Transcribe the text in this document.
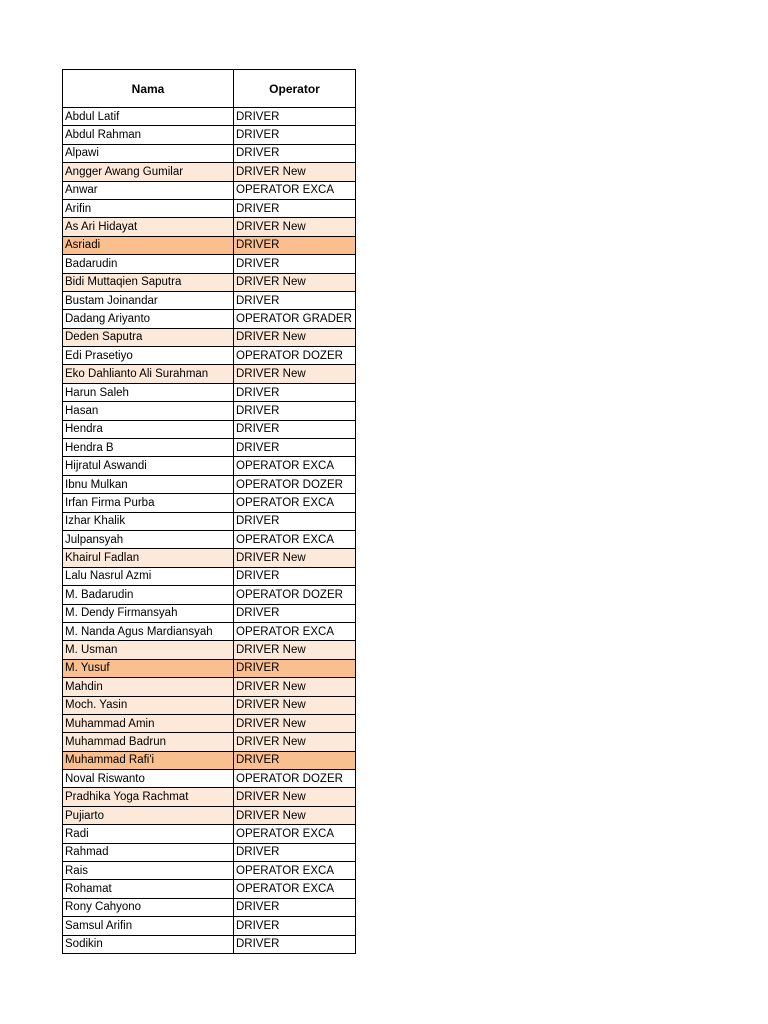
Nama	Operator
Abdul Latif	DRIVER
Abdul Rahman	DRIVER
Alpawi	DRIVER
Angger Awang Gumilar	DRIVER New
Anwar	OPERATOR EXCA
Arifin	DRIVER
As Ari Hidayat	DRIVER New
Asriadi	DRIVER
Badarudin	DRIVER
Bidi Muttaqien Saputra	DRIVER New
Bustam Joinandar	DRIVER
Dadang Ariyanto	OPERATOR GRADER
Deden Saputra	DRIVER New
Edi Prasetiyo	OPERATOR DOZER
Eko Dahlianto Ali Surahman	DRIVER New
Harun Saleh	DRIVER
Hasan	DRIVER
Hendra	DRIVER
Hendra B	DRIVER
Hijratul Aswandi	OPERATOR EXCA
Ibnu Mulkan	OPERATOR DOZER
Irfan Firma Purba	OPERATOR EXCA
Izhar Khalik	DRIVER
Julpansyah	OPERATOR EXCA
Khairul Fadlan	DRIVER New
Lalu Nasrul Azmi	DRIVER
M. Badarudin	OPERATOR DOZER
M. Dendy Firmansyah	DRIVER
M. Nanda Agus Mardiansyah	OPERATOR EXCA
M. Usman	DRIVER New
M. Yusuf	DRIVER
Mahdin	DRIVER New
Moch. Yasin	DRIVER New
Muhammad Amin	DRIVER New
Muhammad Badrun	DRIVER New
Muhammad Rafi'i	DRIVER
Noval Riswanto	OPERATOR DOZER
Pradhika Yoga Rachmat	DRIVER New
Pujiarto	DRIVER New
Radi	OPERATOR EXCA
Rahmad	DRIVER
Rais	OPERATOR EXCA
Rohamat	OPERATOR EXCA
Rony Cahyono	DRIVER
Samsul Arifin	DRIVER
Sodikin	DRIVER
